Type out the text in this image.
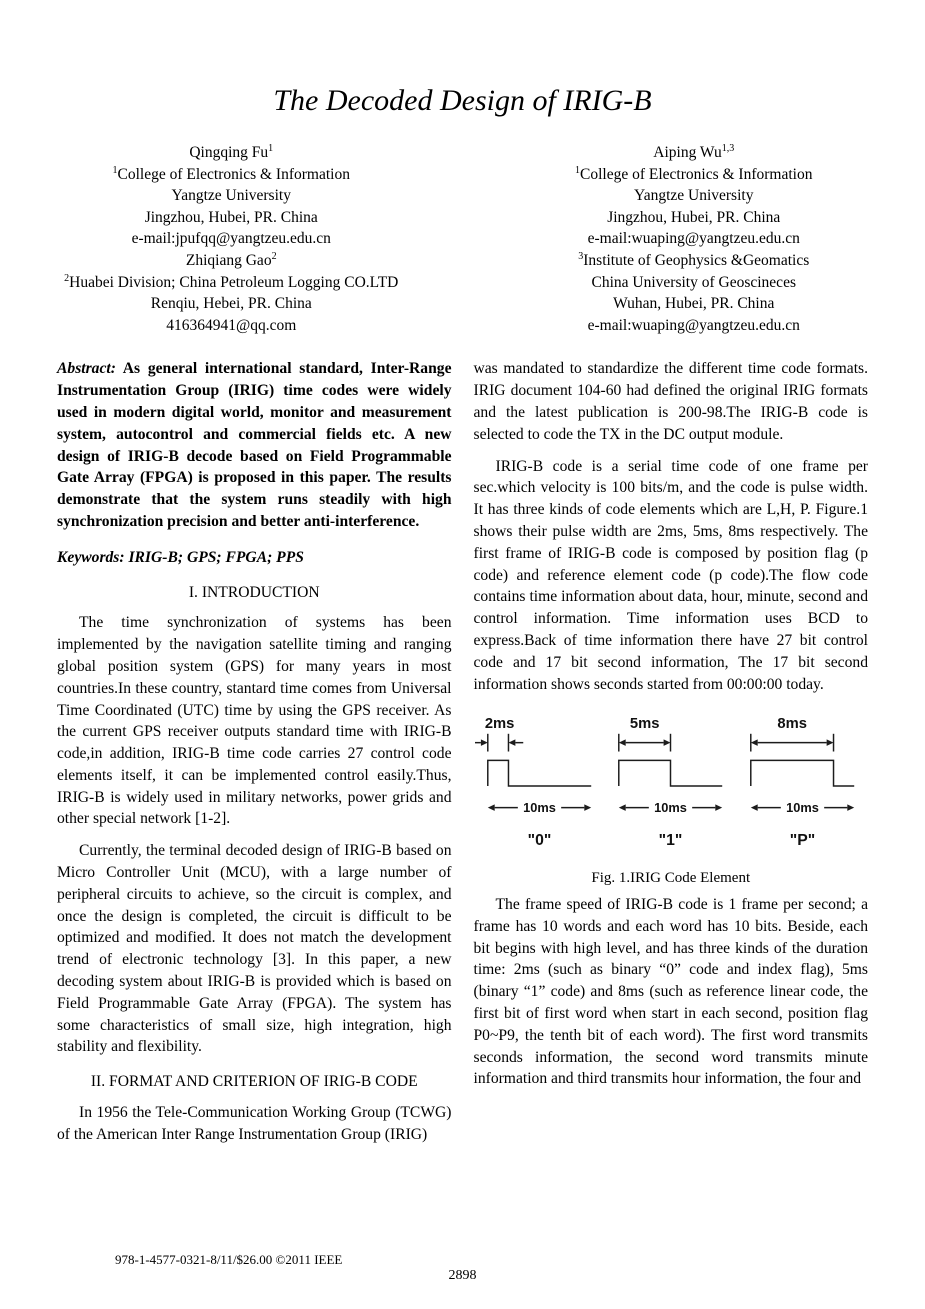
The Decoded Design of IRIG-B
Qingqing Fu$^1$
$^1$College of Electronics & Information
Yangtze University
Jingzhou, Hubei, PR. China
e-mail:jpufqq@yangtzeu.edu.cn
Zhiqiang Gao$^2$
$^2$Huabei Division; China Petroleum Logging CO.LTD
Renqiu, Hebei, PR. China
416364941@qq.com
Aiping Wu$^{1,3}$
$^1$College of Electronics & Information
Yangtze University
Jingzhou, Hubei, PR. China
e-mail:wuaping@yangtzeu.edu.cn
$^3$Institute of Geophysics &Geomatics
China University of Geoscineces
Wuhan, Hubei, PR. China
e-mail:wuaping@yangtzeu.edu.cn

Abstract: As general international standard, Inter-Range Instrumentation Group (IRIG) time codes were widely used in modern digital world, monitor and measurement system, autocontrol and commercial fields etc. A new design of IRIG-B decode based on Field Programmable Gate Array (FPGA) is proposed in this paper. The results demonstrate that the system runs steadily with high synchronization precision and better anti-interference.

Keywords: IRIG-B; GPS; FPGA; PPS

I. INTRODUCTION

The time synchronization of systems has been implemented by the navigation satellite timing and ranging global position system (GPS) for many years in most countries.In these country, stantard time comes from Universal Time Coordinated (UTC) time by using the GPS receiver. As the current GPS receiver outputs standard time with IRIG-B code,in addition, IRIG-B time code carries 27 control code elements itself, it can be implemented control easily.Thus, IRIG-B is widely used in military networks, power grids and other special network [1-2].

Currently, the terminal decoded design of IRIG-B based on Micro Controller Unit (MCU), with a large number of peripheral circuits to achieve, so the circuit is complex, and once the design is completed, the circuit is difficult to be optimized and modified. It does not match the development trend of electronic technology [3]. In this paper, a new decoding system about IRIG-B is provided which is based on Field Programmable Gate Array (FPGA). The system has some characteristics of small size, high integration, high stability and flexibility.

II. FORMAT AND CRITERION OF IRIG-B CODE

In 1956 the Tele-Communication Working Group (TCWG) of the American Inter Range Instrumentation Group (IRIG)

was mandated to standardize the different time code formats. IRIG document 104-60 had defined the original IRIG formats and the latest publication is 200-98.The IRIG-B code is selected to code the TX in the DC output module.

IRIG-B code is a serial time code of one frame per sec.which velocity is 100 bits/m, and the code is pulse width. It has three kinds of code elements which are L,H, P. Figure.1 shows their pulse width are 2ms, 5ms, 8ms respectively. The first frame of IRIG-B code is composed by position flag (p code) and reference element code (p code).The flow code contains time information about data, hour, minute, second and control information. Time information uses BCD to express.Back of time information there have 27 bit control code and 17 bit second information, The 17 bit second information shows seconds started from 00:00:00 today.

2ms
10ms
"0"
5ms
10ms
"1"
8ms
10ms
"P"
Fig. 1.IRIG Code Element

The frame speed of IRIG-B code is 1 frame per second; a frame has 10 words and each word has 10 bits. Beside, each bit begins with high level, and has three kinds of the duration time: 2ms (such as binary “0” code and index flag), 5ms (binary “1” code) and 8ms (such as reference linear code, the first bit of first word when start in each second, position flag P0~P9, the tenth bit of each word). The first word transmits seconds information, the second word transmits minute information and third transmits hour information, the four and

978-1-4577-0321-8/11/$26.00 ©2011 IEEE
2898
